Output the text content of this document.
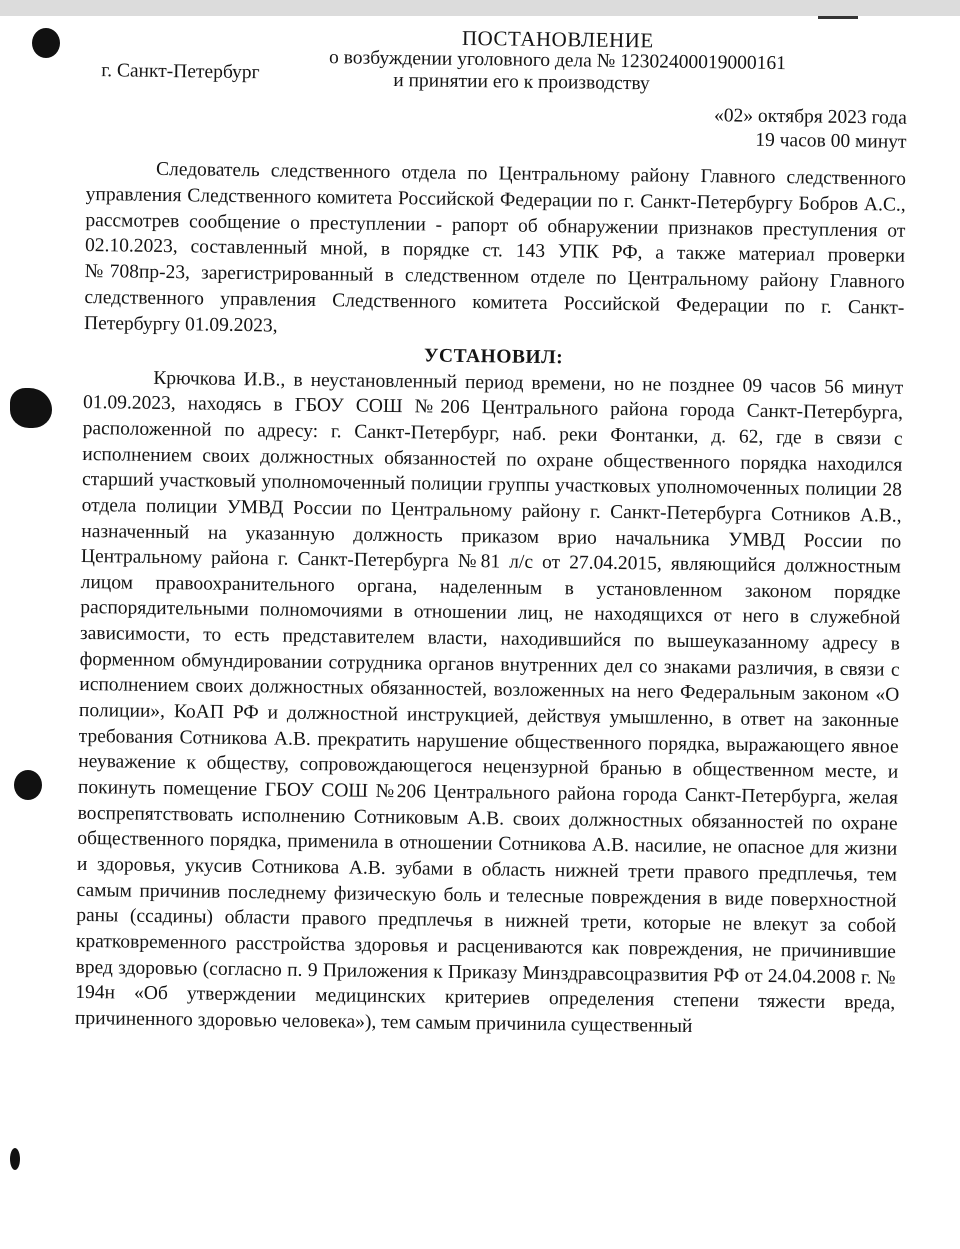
ПОСТАНОВЛЕНИЕ
о возбуждении уголовного дела № 12302400019000161
г. Санкт-Петербург	и принятии его к производству
«02» октября 2023 года
19 часов 00 минут

Следователь следственного отдела по Центральному району Главного следственного управления Следственного комитета Российской Федерации по г. Санкт-Петербургу Бобров А.С., рассмотрев сообщение о преступлении - рапорт об обнаружении признаков преступления от 02.10.2023, составленный мной, в порядке ст. 143 УПК РФ, а также материал проверки №708пр-23, зарегистрированный в следственном отделе по Центральному району Главного следственного управления Следственного комитета Российской Федерации по г. Санкт-Петербургу 01.09.2023,

УСТАНОВИЛ:

Крючкова И.В., в неустановленный период времени, но не позднее 09 часов 56 минут 01.09.2023, находясь в ГБОУ СОШ №206 Центрального района города Санкт-Петербурга, расположенной по адресу: г. Санкт-Петербург, наб. реки Фонтанки, д. 62, где в связи с исполнением своих должностных обязанностей по охране общественного порядка находился старший участковый уполномоченный полиции группы участковых уполномоченных полиции 28 отдела полиции УМВД России по Центральному району г. Санкт-Петербурга Сотников А.В., назначенный на указанную должность приказом врио начальника УМВД России по Центральному района г. Санкт-Петербурга №81 л/с от 27.04.2015, являющийся должностным лицом правоохранительного органа, наделенным в установленном законом порядке распорядительными полномочиями в отношении лиц, не находящихся от него в служебной зависимости, то есть представителем власти, находившийся по вышеуказанному адресу в форменном обмундировании сотрудника органов внутренних дел со знаками различия, в связи с исполнением своих должностных обязанностей, возложенных на него Федеральным законом «О полиции», КоАП РФ и должностной инструкцией, действуя умышленно, в ответ на законные требования Сотникова А.В. прекратить нарушение общественного порядка, выражающего явное неуважение к обществу, сопровождающегося нецензурной бранью в общественном месте, и покинуть помещение ГБОУ СОШ №206 Центрального района города Санкт-Петербурга, желая воспрепятствовать исполнению Сотниковым А.В. своих должностных обязанностей по охране общественного порядка, применила в отношении Сотникова А.В. насилие, не опасное для жизни и здоровья, укусив Сотникова А.В. зубами в область нижней трети правого предплечья, тем самым причинив последнему физическую боль и телесные повреждения в виде поверхностной раны (ссадины) области правого предплечья в нижней трети, которые не влекут за собой кратковременного расстройства здоровья и расцениваются как повреждения, не причинившие вред здоровью (согласно п. 9 Приложения к Приказу Минздравсоцразвития РФ от 24.04.2008 г. № 194н «Об утверждении медицинских критериев определения степени тяжести вреда, причиненного здоровью человека»), тем самым причинила существенный
